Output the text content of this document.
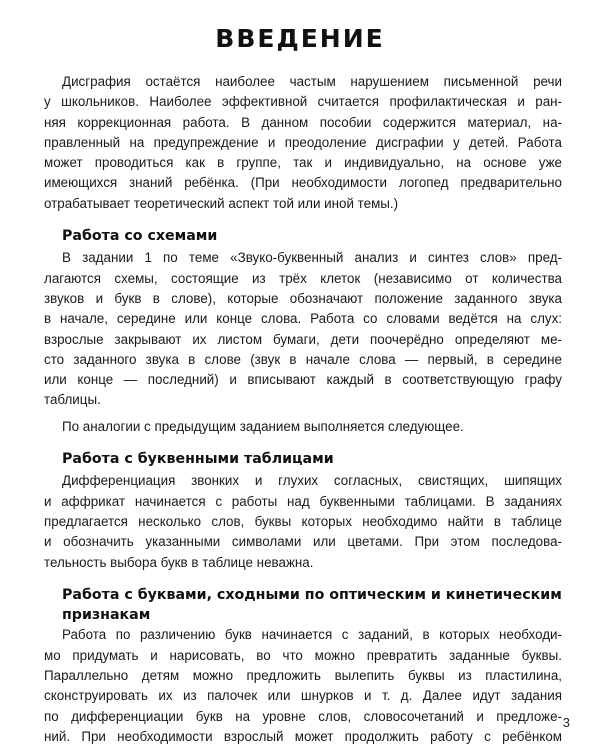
ВВЕДЕНИЕ

Дисграфия остаётся наиболее частым нарушением письменной речи
у школьников. Наиболее эффективной считается профилактическая и ран-
няя коррекционная работа. В данном пособии содержится материал, на-
правленный на предупреждение и преодоление дисграфии у детей. Работа
может проводиться как в группе, так и индивидуально, на основе уже
имеющихся знаний ребёнка. (При необходимости логопед предварительно
отрабатывает теоретический аспект той или иной темы.)

Работа со схемами

В задании 1 по теме «Звуко-буквенный анализ и синтез слов» пред-
лагаются схемы, состоящие из трёх клеток (независимо от количества
звуков и букв в слове), которые обозначают положение заданного звука
в начале, середине или конце слова. Работа со словами ведётся на слух:
взрослые закрывают их листом бумаги, дети поочерёдно определяют ме-
сто заданного звука в слове (звук в начале слова — первый, в середине
или конце — последний) и вписывают каждый в соответствующую графу
таблицы.

По аналогии с предыдущим заданием выполняется следующее.

Работа с буквенными таблицами

Дифференциация звонких и глухих согласных, свистящих, шипящих
и аффрикат начинается с работы над буквенными таблицами. В заданиях
предлагается несколько слов, буквы которых необходимо найти в таблице
и обозначить указанными символами или цветами. При этом последова-
тельность выбора букв в таблице неважна.

Работа с буквами, сходными по оптическим и кинетическим
признакам

Работа по различению букв начинается с заданий, в которых необходи-
мо придумать и нарисовать, во что можно превратить заданные буквы.
Параллельно детям можно предложить вылепить буквы из пластилина,
сконструировать их из палочек или шнурков и т. д. Далее идут задания
по дифференциации букв на уровне слов, словосочетаний и предложе-
ний. При необходимости взрослый может продолжить работу с ребёнком

3
